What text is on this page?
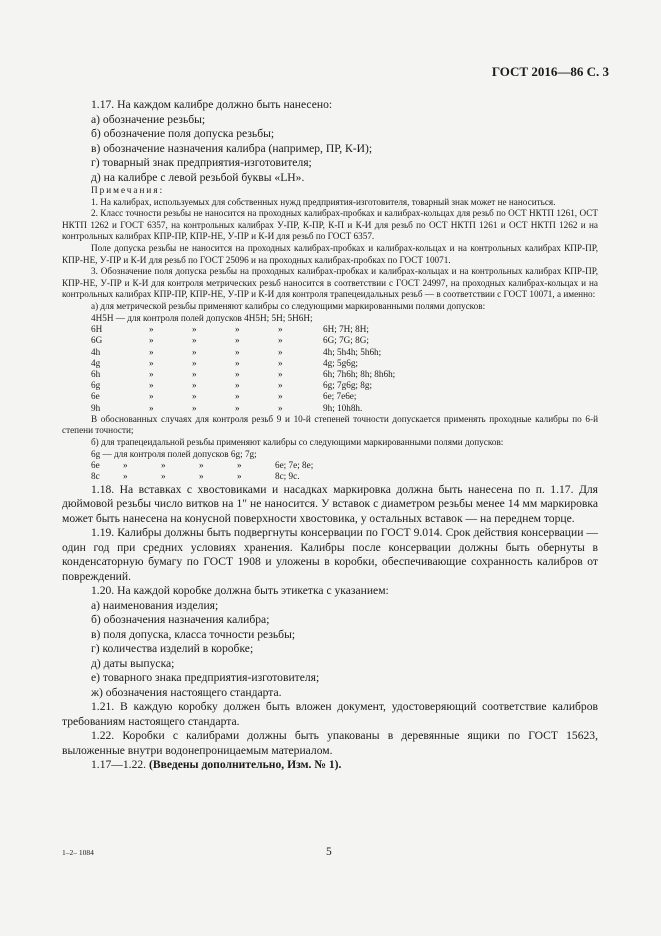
ГОСТ 2016—86 С. 3

1.17. На каждом калибре должно быть нанесено:

а) обозначение резьбы;

б) обозначение поля допуска резьбы;

в) обозначение назначения калибра (например, ПР, К-И);

г) товарный знак предприятия-изготовителя;

д) на калибре с левой резьбой буквы «LH».

Примечания:

1. На калибрах, используемых для собственных нужд предприятия-изготовителя, товарный знак может не наноситься.

2. Класс точности резьбы не наносится на проходных калибрах-пробках и калибрах-кольцах для резьб по ОСТ НКТП 1261, ОСТ НКТП 1262 и ГОСТ 6357, на контрольных калибрах У-ПР, К-ПР, К-П и К-И для резьб по ОСТ НКТП 1261 и ОСТ НКТП 1262 и на контрольных калибрах КПР-ПР, КПР-НЕ, У-ПР и К-И для резьб по ГОСТ 6357.

Поле допуска резьбы не наносится на проходных калибрах-пробках и калибрах-кольцах и на контрольных калибрах КПР-ПР, КПР-НЕ, У-ПР и К-И для резьб по ГОСТ 25096 и на проходных калибрах-пробках по ГОСТ 10071.

3. Обозначение поля допуска резьбы на проходных калибрах-пробках и калибрах-кольцах и на контрольных калибрах КПР-ПР, КПР-НЕ, У-ПР и К-И для контроля метрических резьб наносится в соответствии с ГОСТ 24997, на проходных калибрах-кольцах и на контрольных калибрах КПР-ПР, КПР-НЕ, У-ПР и К-И для контроля трапецеидальных резьб — в соответствии с ГОСТ 10071, а именно:

а) для метрической резьбы применяют калибры со следующими маркированными полями допусков:

4H5H — для контроля полей допусков 4H5H; 5H; 5H6H;

6H	»	»	»	»	6H; 7H; 8H;
6G	»	»	»	»	6G; 7G; 8G;
4h	»	»	»	»	4h; 5h4h; 5h6h;
4g	»	»	»	»	4g; 5g6g;
6h	»	»	»	»	6h; 7h6h; 8h; 8h6h;
6g	»	»	»	»	6g; 7g6g; 8g;
6e	»	»	»	»	6e; 7e6e;
9h	»	»	»	»	9h; 10h8h.

В обоснованных случаях для контроля резьб 9 и 10-й степеней точности допускается применять проходные калибры по 6-й степени точности;

б) для трапецеидальной резьбы применяют калибры со следующими маркированными полями допусков:

6g — для контроля полей допусков 6g; 7g;

6e	»	»	»	»	6e; 7e; 8e;
8c	»	»	»	»	8c; 9c.

1.18. На вставках с хвостовиками и насадках маркировка должна быть нанесена по п. 1.17. Для дюймовой резьбы число витков на 1" не наносится. У вставок с диаметром резьбы менее 14 мм маркировка может быть нанесена на конусной поверхности хвостовика, у остальных вставок — на переднем торце.

1.19. Калибры должны быть подвергнуты консервации по ГОСТ 9.014. Срок действия консервации — один год при средних условиях хранения. Калибры после консервации должны быть обернуты в конденсаторную бумагу по ГОСТ 1908 и уложены в коробки, обеспечивающие сохранность калибров от повреждений.

1.20. На каждой коробке должна быть этикетка с указанием:

а) наименования изделия;

б) обозначения назначения калибра;

в) поля допуска, класса точности резьбы;

г) количества изделий в коробке;

д) даты выпуска;

е) товарного знака предприятия-изготовителя;

ж) обозначения настоящего стандарта.

1.21. В каждую коробку должен быть вложен документ, удостоверяющий соответствие калибров требованиям настоящего стандарта.

1.22. Коробки с калибрами должны быть упакованы в деревянные ящики по ГОСТ 15623, выложенные внутри водонепроницаемым материалом.

1.17—1.22. (Введены дополнительно, Изм. № 1).

1–2– 1084	5
